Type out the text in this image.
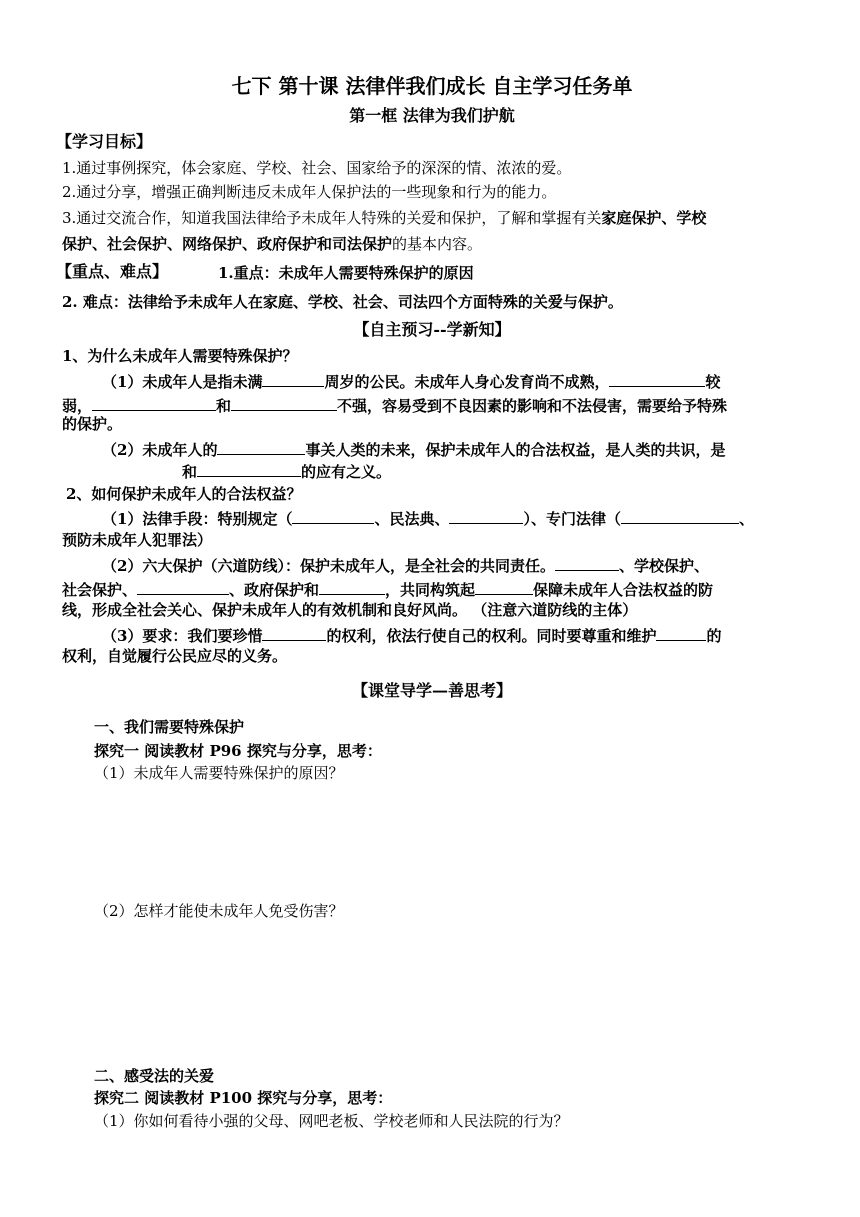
七下 第十课 法律伴我们成长 自主学习任务单
第一框 法律为我们护航
【学习目标】
1.通过事例探究，体会家庭、学校、社会、国家给予的深深的情、浓浓的爱。
2.通过分享，增强正确判断违反未成年人保护法的一些现象和行为的能力。
3.通过交流合作，知道我国法律给予未成年人特殊的关爱和保护，了解和掌握有关家庭保护、学校
保护、社会保护、网络保护、政府保护和司法保护的基本内容。
【重点、难点】	1.重点：未成年人需要特殊保护的原因
2. 难点：法律给予未成年人在家庭、学校、社会、司法四个方面特殊的关爱与保护。
【自主预习--学新知】
1、为什么未成年人需要特殊保护？
（1）未成年人是指未满	周岁的公民。未成年人身心发育尚不成熟，	较
弱，	和	不强，容易受到不良因素的影响和不法侵害，需要给予特殊
的保护。
（2）未成年人的	事关人类的未来，保护未成年人的合法权益，是人类的共识，是
和	的应有之义。
2、如何保护未成年人的合法权益？
（1）法律手段：特别规定（	、民法典、	）、专门法律（	、
预防未成年人犯罪法）
（2）六大保护（六道防线）：保护未成年人，是全社会的共同责任。	、学校保护、
社会保护、	、政府保护和	，共同构筑起	保障未成年人合法权益的防
线，形成全社会关心、保护未成年人的有效机制和良好风尚。 （注意六道防线的主体）
（3）要求：我们要珍惜	的权利，依法行使自己的权利。同时要尊重和维护	的
权利，自觉履行公民应尽的义务。
【课堂导学—善思考】
一、我们需要特殊保护
探究一 阅读教材 P96 探究与分享，思考：
（1）未成年人需要特殊保护的原因？
（2）怎样才能使未成年人免受伤害？
二、感受法的关爱
探究二 阅读教材 P100 探究与分享，思考：
（1）你如何看待小强的父母、网吧老板、学校老师和人民法院的行为？
